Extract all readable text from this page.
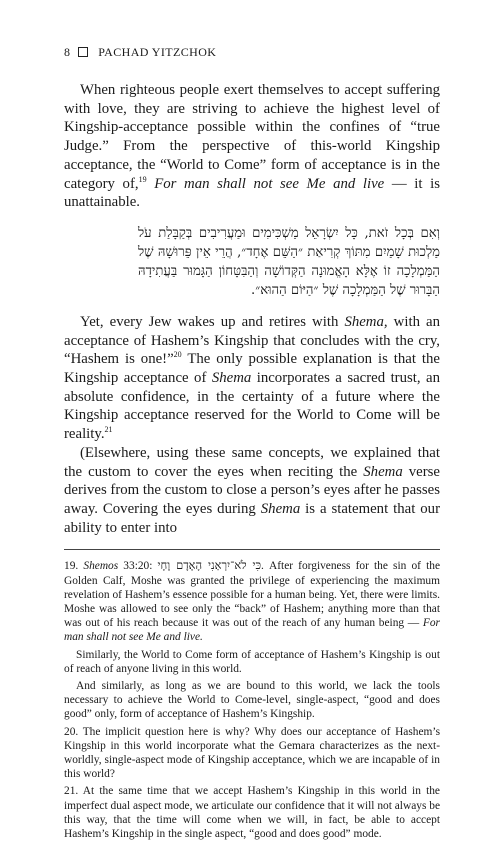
8 PACHAD YITZCHOK

When righteous people exert themselves to accept suffering with love, they are striving to achieve the highest level of Kingship-acceptance possible within the confines of “true Judge.” From the perspective of this-world Kingship acceptance, the “World to Come” form of acceptance is in the category of,$^{19}$ For man shall not see Me and live — it is unattainable.

וְאִם בְּכָל זֹאת, כָּל יִשְׂרָאֵל מַשְׁכִּימִים וּמַעֲרִיבִים בְּקַבָּלַת עֹל מַלְכוּת שָׁמַיִם מִתּוֹךְ קְרִיאַת ״הַשֵּׁם אֶחָד״, הֲרֵי אֵין פֵּרוּשָׁהּ שֶׁל הַמַּמְלָכָה זוֹ אֶלָּא הָאֱמוּנָה הַקְּדוֹשָׁה וְהַבִּטָּחוֹן הַגָּמוּר בַּעֲתִידָהּ הַבָּרוּר שֶׁל הַמַּמְלָכָה שֶׁל ״הַיּוֹם הַהוּא״.

Yet, every Jew wakes up and retires with Shema, with an acceptance of Hashem’s Kingship that concludes with the cry, “Hashem is one!”$^{20}$ The only possible explanation is that the Kingship acceptance of Shema incorporates a sacred trust, an absolute confidence, in the certainty of a future where the Kingship acceptance reserved for the World to Come will be reality.$^{21}$

(Elsewhere, using these same concepts, we explained that the custom to cover the eyes when reciting the Shema verse derives from the custom to close a person’s eyes after he passes away. Covering the eyes during Shema is a statement that our ability to enter into

19. Shemos 33:20: כִּי לֹא־יִרְאַנִי הָאָדָם וָחָי. After forgiveness for the sin of the Golden Calf, Moshe was granted the privilege of experiencing the maximum revelation of Hashem’s essence possible for a human being. Yet, there were limits. Moshe was allowed to see only the “back” of Hashem; anything more than that was out of his reach because it was out of the reach of any human being — For man shall not see Me and live.

Similarly, the World to Come form of acceptance of Hashem’s Kingship is out of reach of anyone living in this world.

And similarly, as long as we are bound to this world, we lack the tools necessary to achieve the World to Come-level, single-aspect, “good and does good” only, form of acceptance of Hashem’s Kingship.

20. The implicit question here is why? Why does our acceptance of Hashem’s Kingship in this world incorporate what the Gemara characterizes as the next-worldly, single-aspect mode of Kingship acceptance, which we are incapable of in this world?

21. At the same time that we accept Hashem’s Kingship in this world in the imperfect dual aspect mode, we articulate our confidence that it will not always be this way, that the time will come when we will, in fact, be able to accept Hashem’s Kingship in the single aspect, “good and does good” mode.
